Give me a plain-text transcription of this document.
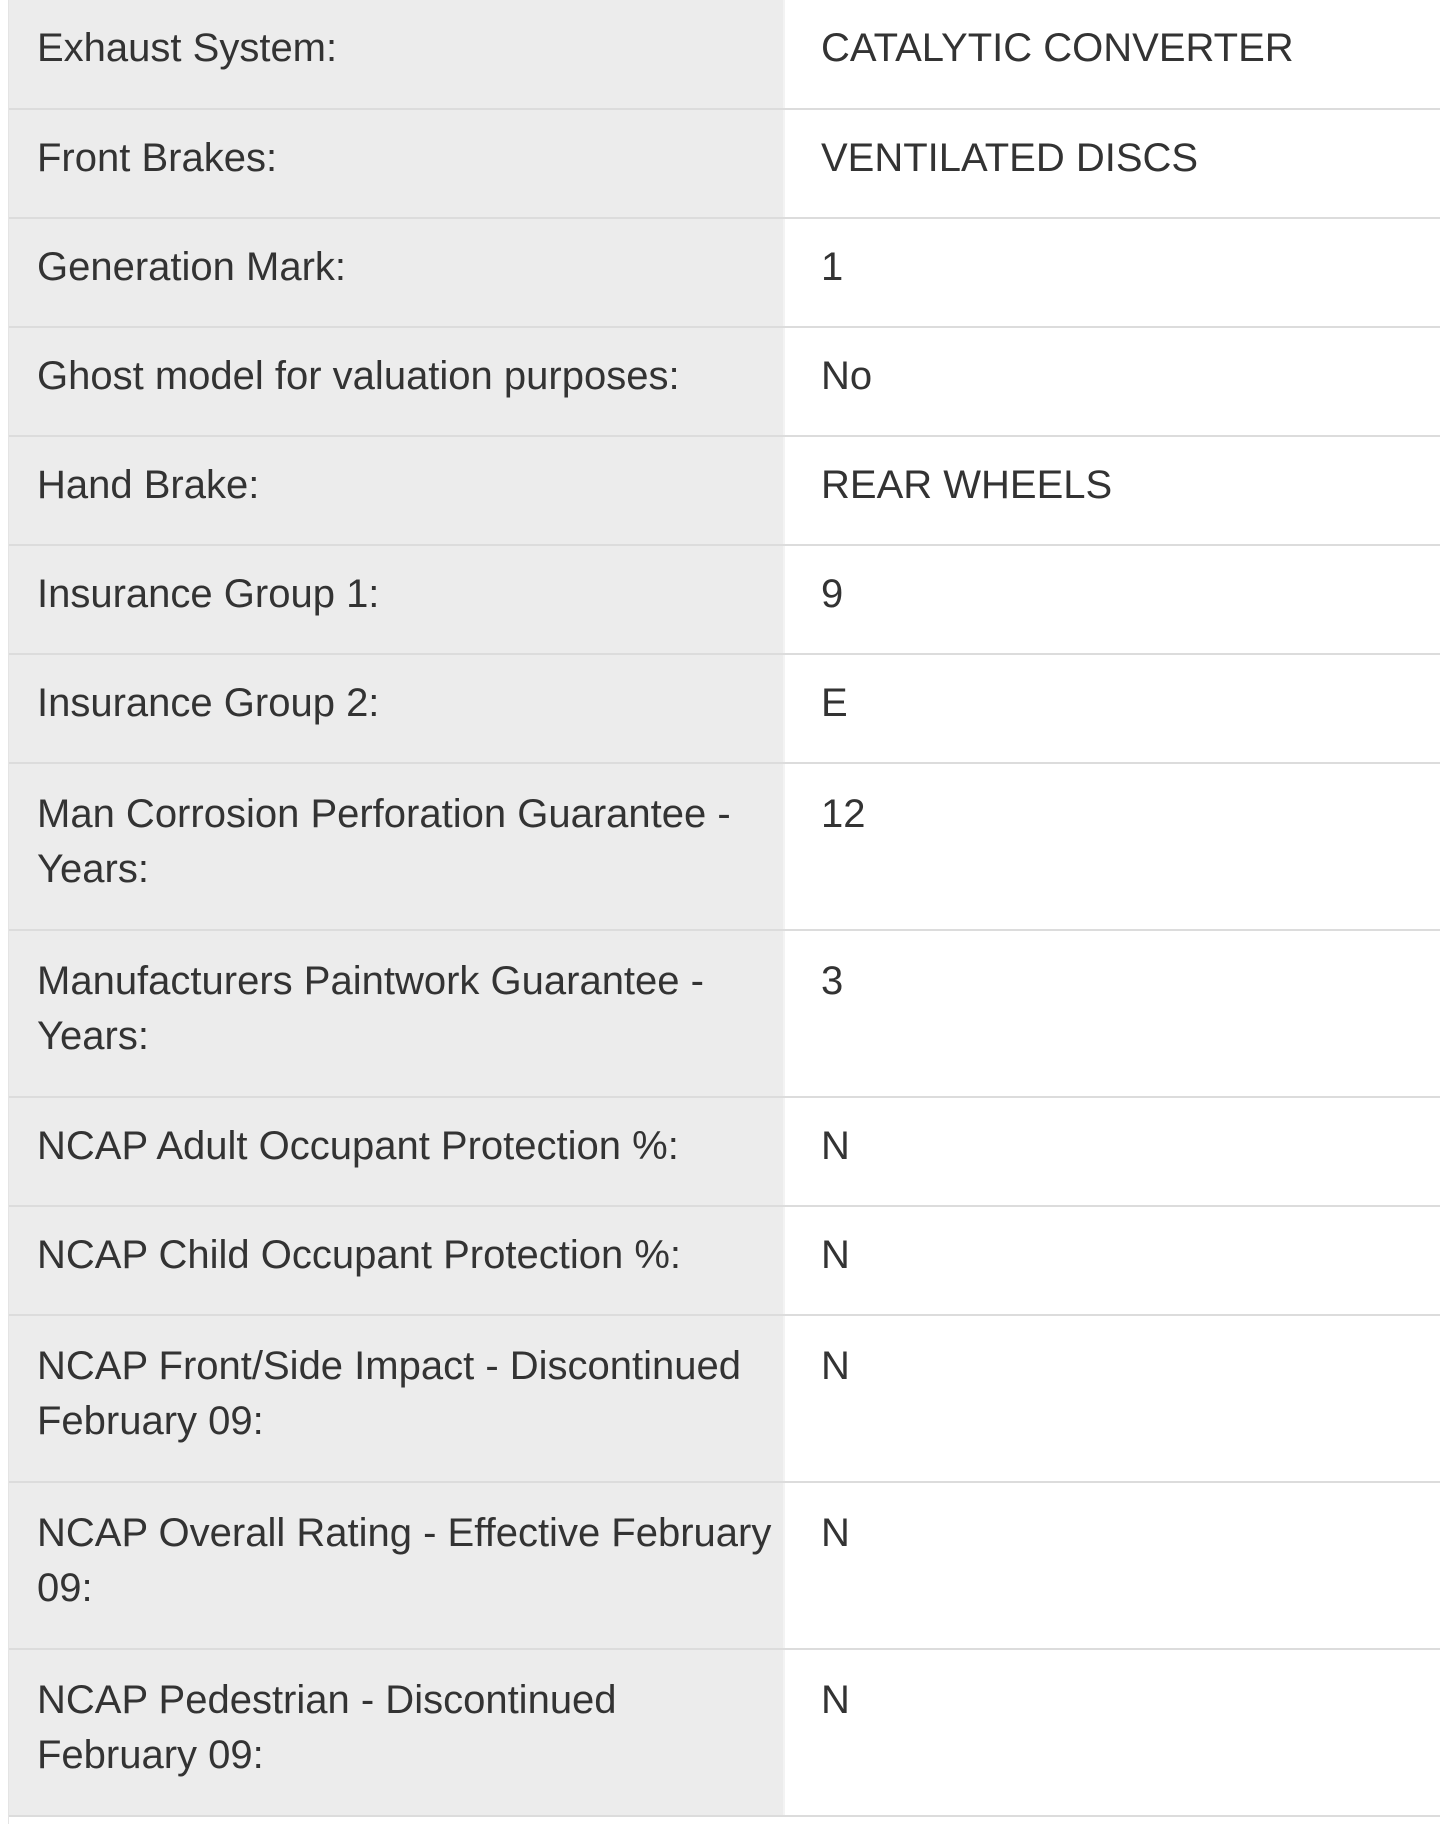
Exhaust System:	CATALYTIC CONVERTER
Front Brakes:	VENTILATED DISCS
Generation Mark:	1
Ghost model for valuation purposes:	No
Hand Brake:	REAR WHEELS
Insurance Group 1:	9
Insurance Group 2:	E
Man Corrosion Perforation Guarantee - Years:	12
Manufacturers Paintwork Guarantee - Years:	3
NCAP Adult Occupant Protection %:	N
NCAP Child Occupant Protection %:	N
NCAP Front/Side Impact - Discontinued February 09:	N
NCAP Overall Rating - Effective February 09:	N
NCAP Pedestrian - Discontinued February 09:	N
